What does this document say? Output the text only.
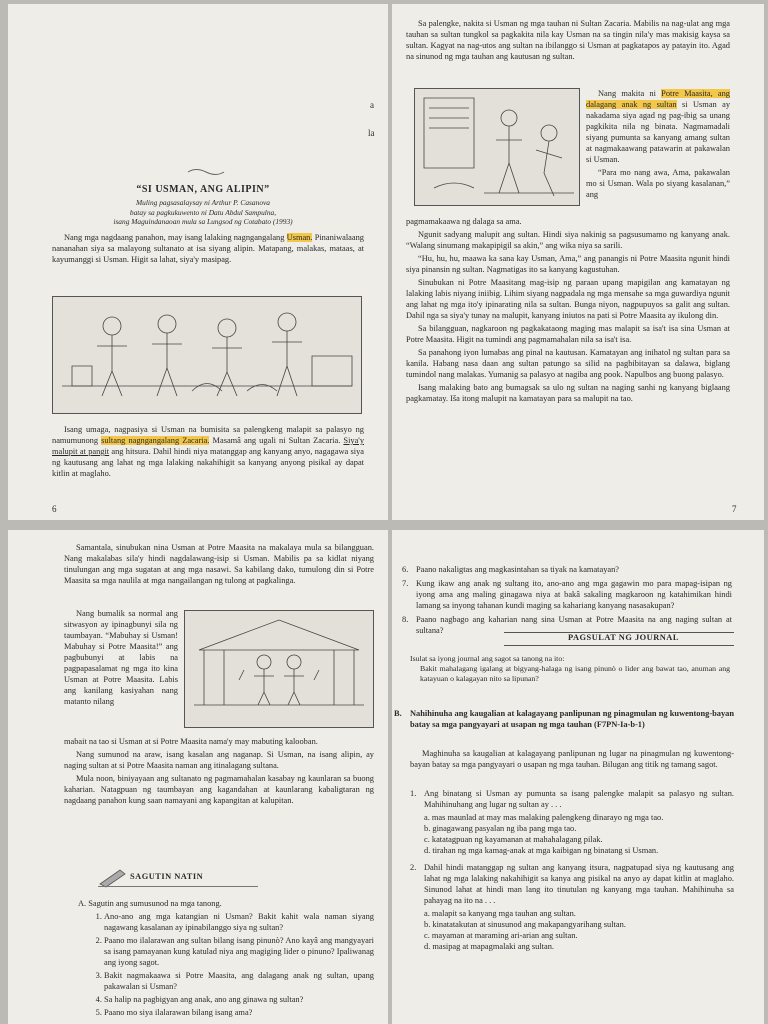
a
la
“SI USMAN, ANG ALIPIN”
Muling pagsasalaysay ni Arthur P. Casanova
batay sa pagkukuwento ni Datu Abdul Sampulna,
isang Maguindanaoan mula sa Lungsod ng Cotabato (1993)

Nang mga nagdaang panahon, may isang lalaking nagngangalang Usman. Pinaniwalaang nananahan siya sa malayong sultanato at isa siyang alipin. Matapang, malakas, mataas, at kayumanggi si Usman. Higit sa lahat, siya'y masipag.

Isang umaga, nagpasiya si Usman na bumisita sa palengkeng malapit sa palasyo ng namumunong sultang nagngangalang Zacaria. Masamâ ang ugali ni Sultan Zacaria. Siya'y malupit at pangit ang hitsura. Dahil hindi niya matanggap ang kanyang anyo, nagagawa siya ng kautusang ang lahat ng mga lalaking nakahihigit sa kanyang anyong pisikal ay dapat kitlin at maglaho.

6

Sa palengke, nakita si Usman ng mga tauhan ni Sultan Zacaria. Mabilis na nag-ulat ang mga tauhan sa sultan tungkol sa pagkakita nila kay Usman na sa tingin nila'y mas makisig kaysa sa sultan. Kagyat na nag-utos ang sultan na ibilanggo si Usman at pagkatapos ay patayin ito. Agad na sinunod ng mga tauhan ang kautusan ng sultan.

Nang makita ni Potre Maasita, ang dalagang anak ng sultan si Usman ay nakadama siya agad ng pag-ibig sa unang pagkikita nila ng binata. Nagmamadali siyang pumunta sa kanyang amang sultan at nagmakaawang patawarin at pakawalan si Usman.

“Para mo nang awa, Ama, pakawalan mo si Usman. Wala po siyang kasalanan,” ang

pagmamakaawa ng dalaga sa ama.

Ngunit sadyang malupit ang sultan. Hindi siya nakinig sa pagsusumamo ng kanyang anak. “Walang sinumang makapipigil sa akin,” ang wika niya sa sarili.

“Hu, hu, hu, maawa ka sana kay Usman, Ama,” ang panangis ni Potre Maasita ngunit hindi siya pinansin ng sultan. Nagmatigas ito sa kanyang kagustuhan.

Sinubukan ni Potre Maasitang mag-isip ng paraan upang mapigilan ang kamatayan ng lalaking labis niyang iniibig. Lihim siyang nagpadala ng mga mensahe sa mga guwardiya ngunit ang lahat ng mga ito'y ipinarating nila sa sultan. Bunga niyon, nagpupuyos sa galit ang sultan. Dahil nga sa siya'y tunay na malupit, kanyang iniutos na pati si Potre Maasita ay ikulong din.

Sa bilangguan, nagkaroon ng pagkakataong maging mas malapit sa isa't isa sina Usman at Potre Maasita. Higit na tumindi ang pagmamahalan nila sa isa't isa.

Sa panahong iyon lumabas ang pinal na kautusan. Kamatayan ang inihatol ng sultan para sa kanila. Habang nasa daan ang sultan patungo sa silid na pagbibitayan sa dalawa, biglang tumindol nang malakas. Yumanig sa palasyo at nagiba ang pook. Napulbos ang buong palasyo.

Isang malaking bato ang bumagsak sa ulo ng sultan na naging sanhi ng kanyang biglaang pagkamatay. Iša itong malupit na kamatayan para sa malupit na tao.

7

Samantala, sinubukan nina Usman at Potre Maasita na makalaya mula sa bilangguan. Nang makalabas sila'y hindi nagdalawang-isip si Usman. Mabilis pa sa kidlat niyang tinulungan ang mga sugatan at ang mga nasawi. Sa kabilang dako, tumulong din si Potre Maasita sa mga naulila at mga nangailangan ng tulong at pagkalinga.

Nang bumalik sa normal ang sitwasyon ay ipinagbunyi sila ng taumbayan. “Mabuhay si Usman! Mabuhay si Potre Maasita!” ang pagbubunyi at labis na pagpapasalamat ng mga ito kina Usman at Potre Maasita. Labis ang kanilang kasiyahan nang matanto nilang

mabait na tao si Usman at si Potre Maasita nama'y may mabuting kalooban.

Nang sumunod na araw, isang kasalan ang naganap. Si Usman, na isang alipin, ay naging sultan at si Potre Maasita naman ang itinalagang sultana.

Mula noon, biniyayaan ang sultanato ng pagmamahalan kasabay ng kaunlaran sa buong kaharian. Natagpuan ng taumbayan ang kagandahan at kaunlarang kabaligtaran ng nagdaang panahon kung saan namayani ang kapangitan at kalupitan.

SAGUTIN NATIN
A. Sagutin ang sumusunod na mga tanong.
1. Ano-ano ang mga katangian ni Usman? Bakit kahit wala naman siyang nagawang kasalanan ay ipinabilanggo siya ng sultan?
2. Paano mo ilalarawan ang sultan bilang isang pinunò? Ano kayâ ang mangyayari sa isang pamayanan kung katulad niya ang magiging lider o pinuno? Ipaliwanag ang iyong sagot.
3. Bakit nagmakaawa si Potre Maasita, ang dalagang anak ng sultan, upang pakawalan si Usman?
4. Sa halip na pagbigyan ang anak, ano ang ginawa ng sultan?
5. Paano mo siya ilalarawan bilang isang ama?
6. Paano nakaligtas ang magkasintahan sa tiyak na kamatayan?
7. Kung ikaw ang anak ng sultang ito, ano-ano ang mga gagawin mo para mapag-isipan ng iyong ama ang maling ginagawa niya at bakâ sakaling magkaroon ng katahimikan hindi lamang sa inyong tahanan kundi maging sa kahariang kanyang nasasakupan?
8. Paano nagbago ang kaharian nang sina Usman at Potre Maasita na ang naging sultan at sultana?
PAGSULAT NG JOURNAL
Isulat sa iyong journal ang sagot sa tanong na ito:
Bakit mahalagang igalang at bigyang-halaga ng isang pinunò o lider ang bawat tao, anuman ang katayuan o kalagayan nito sa lipunan?
B. Nahihinuha ang kaugalian at kalagayang panlipunan ng pinagmulan ng kuwentong-bayan batay sa mga pangyayari at usapan ng mga tauhan (F7PN-Ia-b-1)

Maghinuha sa kaugalian at kalagayang panlipunan ng lugar na pinagmulan ng kuwentong-bayan batay sa mga pangyayari o usapan ng mga tauhan. Bilugan ang titik ng tamang sagot.

1. Ang binatang si Usman ay pumunta sa isang palengke malapit sa palasyo ng sultan. Mahihinuhang ang lugar ng sultan ay . . .
a. mas maunlad at may mas malaking palengkeng dinarayo ng mga tao.
b. ginagawang pasyalan ng iba pang mga tao.
c. katatagpuan ng kayamanan at mahahalagang pilak.
d. tirahan ng mga kamag-anak at mga kaibigan ng binatang si Usman.
2. Dahil hindi matanggap ng sultan ang kanyang itsura, nagpatupad siya ng kautusang ang lahat ng mga lalaking nakahihigit sa kanya ang pisikal na anyo ay dapat kitlin at maglaho. Sinunod lahat at hindi man lang ito tinutulan ng kanyang mga tauhan. Mahihinuha sa pahayag na ito na . . .
a. malapit sa kanyang mga tauhan ang sultan.
b. kinatatakutan at sinusunod ang makapangyarihang sultan.
c. mayaman at maraming ari-arian ang sultan.
d. masipag at mapagmalaki ang sultan.
